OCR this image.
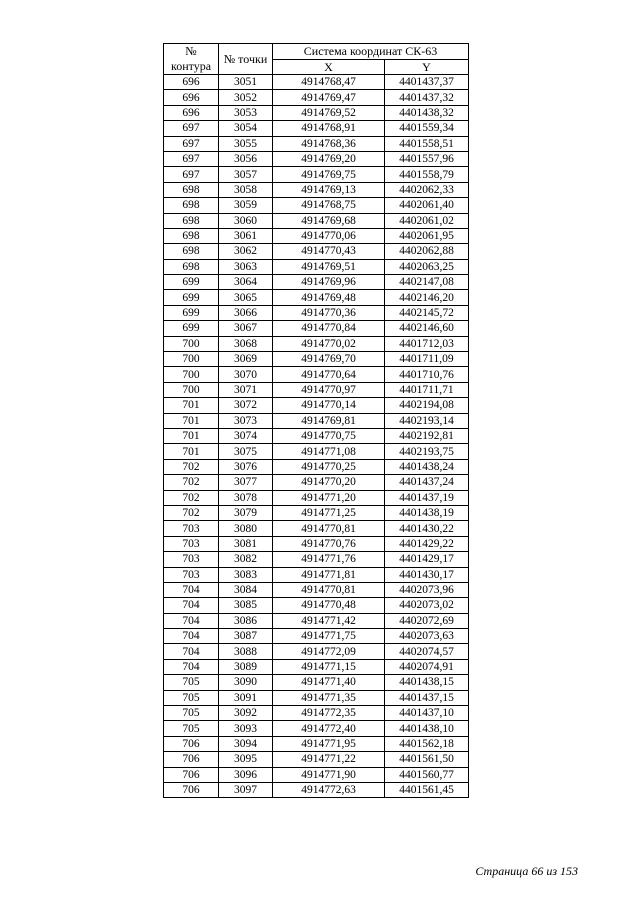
№ контура	№ точки	Система координат СК-63	
		X	Y
696	3051	4914768,47	4401437,37
696	3052	4914769,47	4401437,32
696	3053	4914769,52	4401438,32
697	3054	4914768,91	4401559,34
697	3055	4914768,36	4401558,51
697	3056	4914769,20	4401557,96
697	3057	4914769,75	4401558,79
698	3058	4914769,13	4402062,33
698	3059	4914768,75	4402061,40
698	3060	4914769,68	4402061,02
698	3061	4914770,06	4402061,95
698	3062	4914770,43	4402062,88
698	3063	4914769,51	4402063,25
699	3064	4914769,96	4402147,08
699	3065	4914769,48	4402146,20
699	3066	4914770,36	4402145,72
699	3067	4914770,84	4402146,60
700	3068	4914770,02	4401712,03
700	3069	4914769,70	4401711,09
700	3070	4914770,64	4401710,76
700	3071	4914770,97	4401711,71
701	3072	4914770,14	4402194,08
701	3073	4914769,81	4402193,14
701	3074	4914770,75	4402192,81
701	3075	4914771,08	4402193,75
702	3076	4914770,25	4401438,24
702	3077	4914770,20	4401437,24
702	3078	4914771,20	4401437,19
702	3079	4914771,25	4401438,19
703	3080	4914770,81	4401430,22
703	3081	4914770,76	4401429,22
703	3082	4914771,76	4401429,17
703	3083	4914771,81	4401430,17
704	3084	4914770,81	4402073,96
704	3085	4914770,48	4402073,02
704	3086	4914771,42	4402072,69
704	3087	4914771,75	4402073,63
704	3088	4914772,09	4402074,57
704	3089	4914771,15	4402074,91
705	3090	4914771,40	4401438,15
705	3091	4914771,35	4401437,15
705	3092	4914772,35	4401437,10
705	3093	4914772,40	4401438,10
706	3094	4914771,95	4401562,18
706	3095	4914771,22	4401561,50
706	3096	4914771,90	4401560,77
706	3097	4914772,63	4401561,45
Страница 66 из 153
